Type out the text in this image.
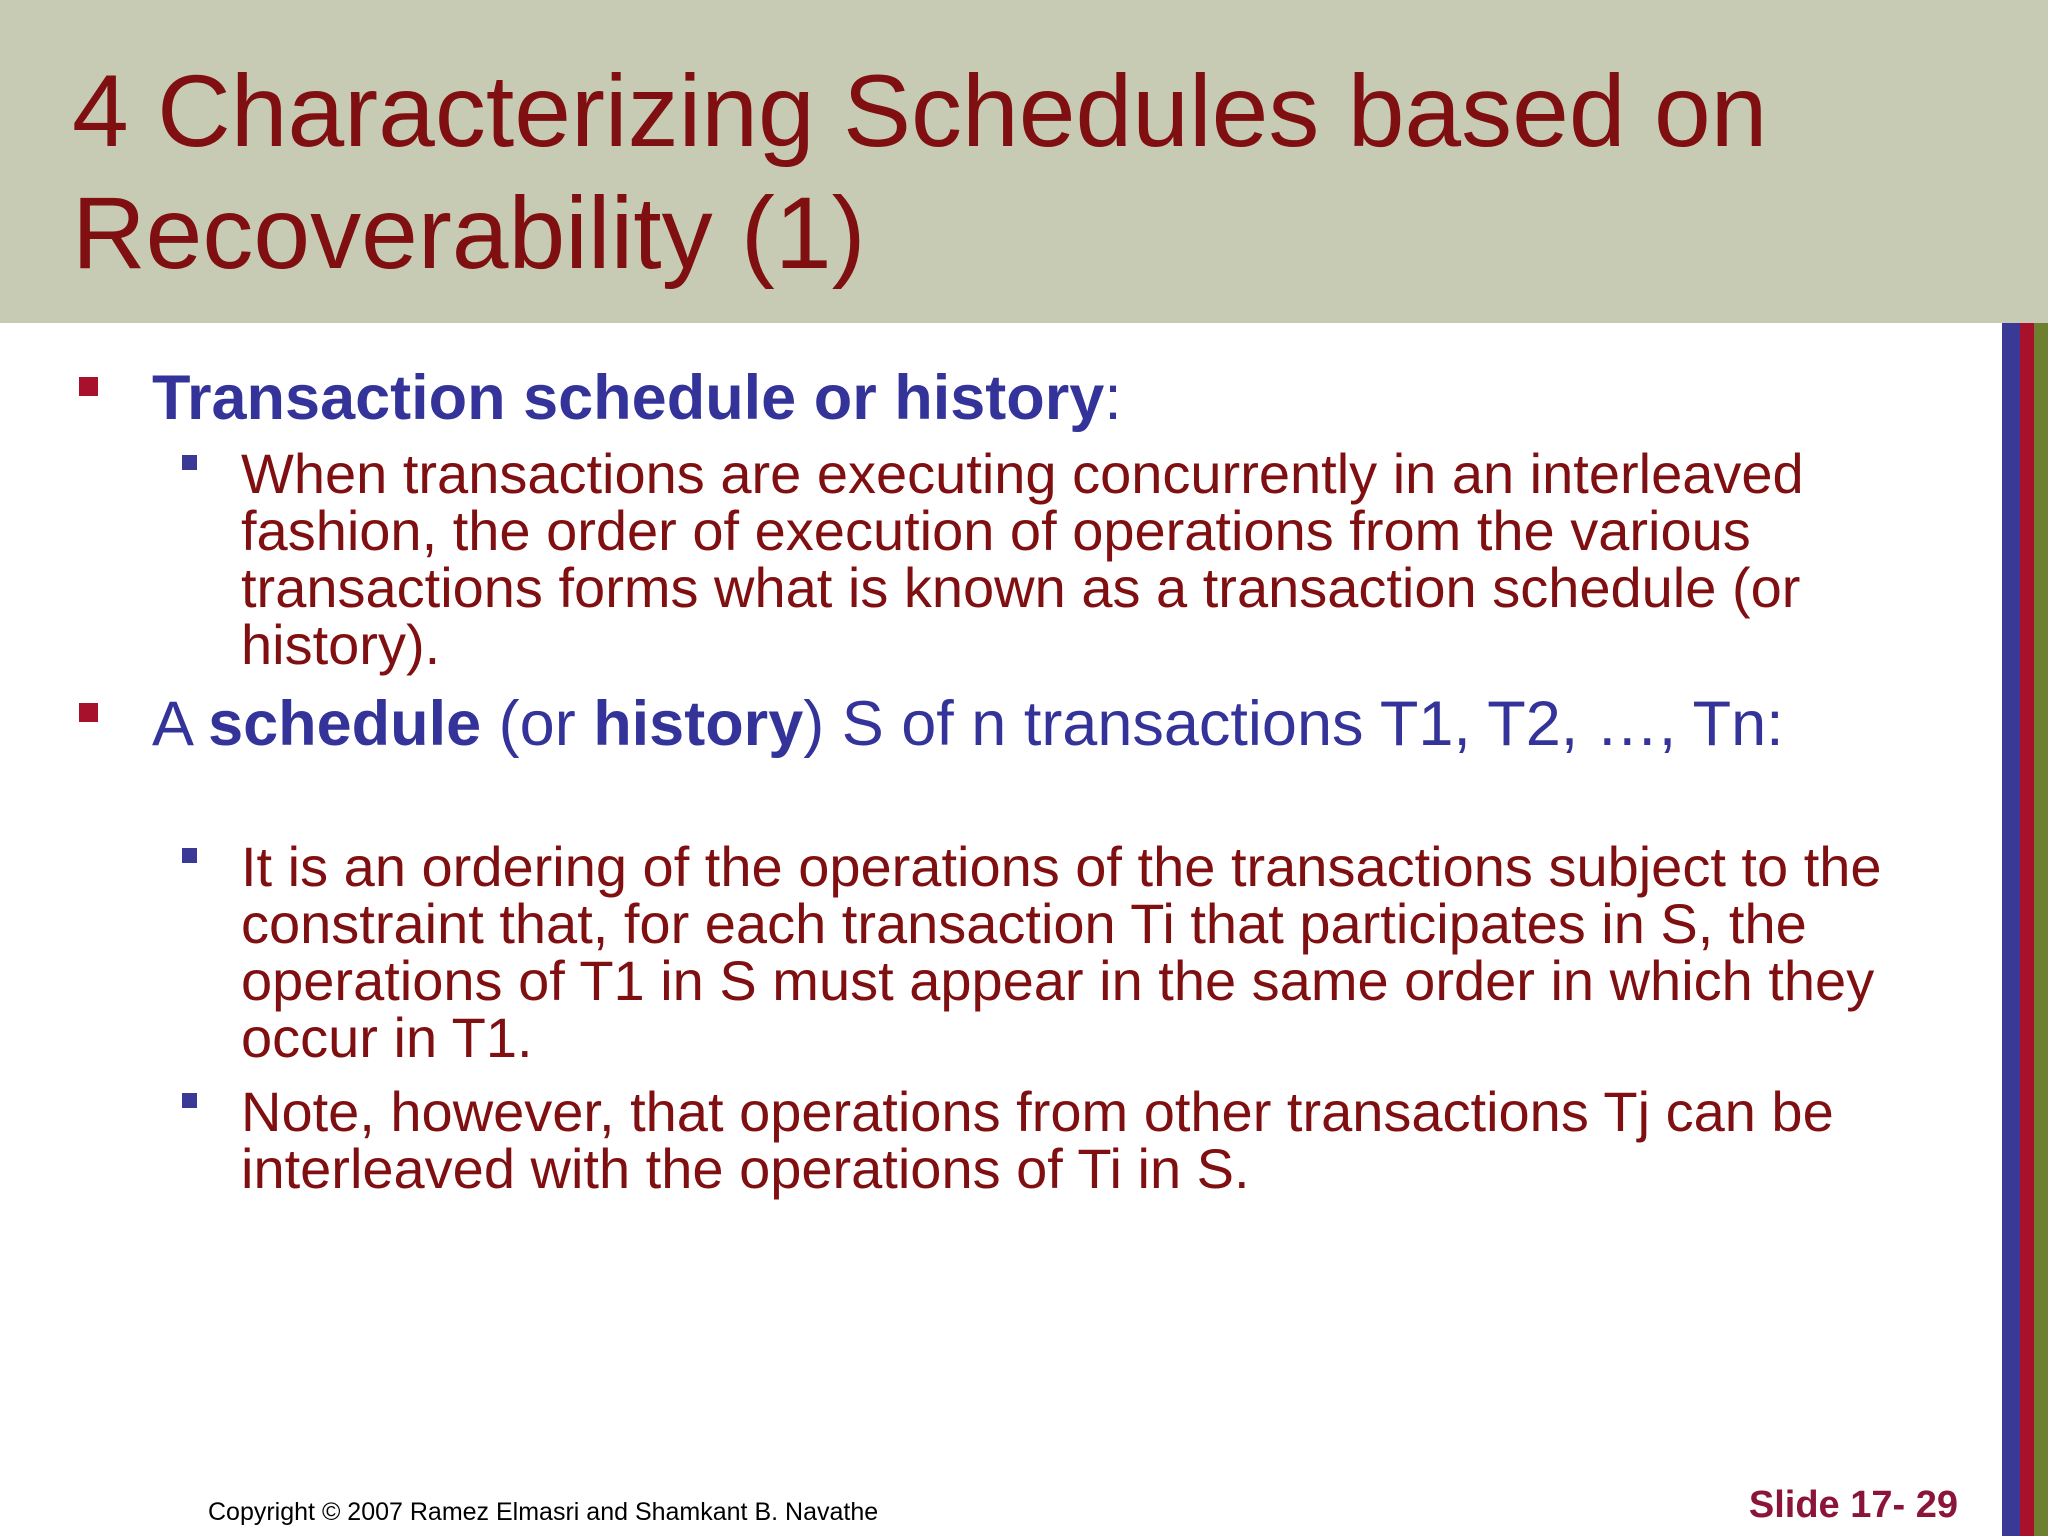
4 Characterizing Schedules based on Recoverability (1)
Transaction schedule or history:
When transactions are executing concurrently in an interleaved fashion, the order of execution of operations from the various transactions forms what is known as a transaction schedule (or history).
A schedule (or history) S of n transactions T1, T2, …, Tn:
It is an ordering of the operations of the transactions subject to the constraint that, for each transaction Ti that participates in S, the operations of T1 in S must appear in the same order in which they occur in T1.
Note, however, that operations from other transactions Tj can be interleaved with the operations of Ti in S.
Copyright © 2007 Ramez Elmasri and Shamkant B. Navathe	Slide 17- 29
